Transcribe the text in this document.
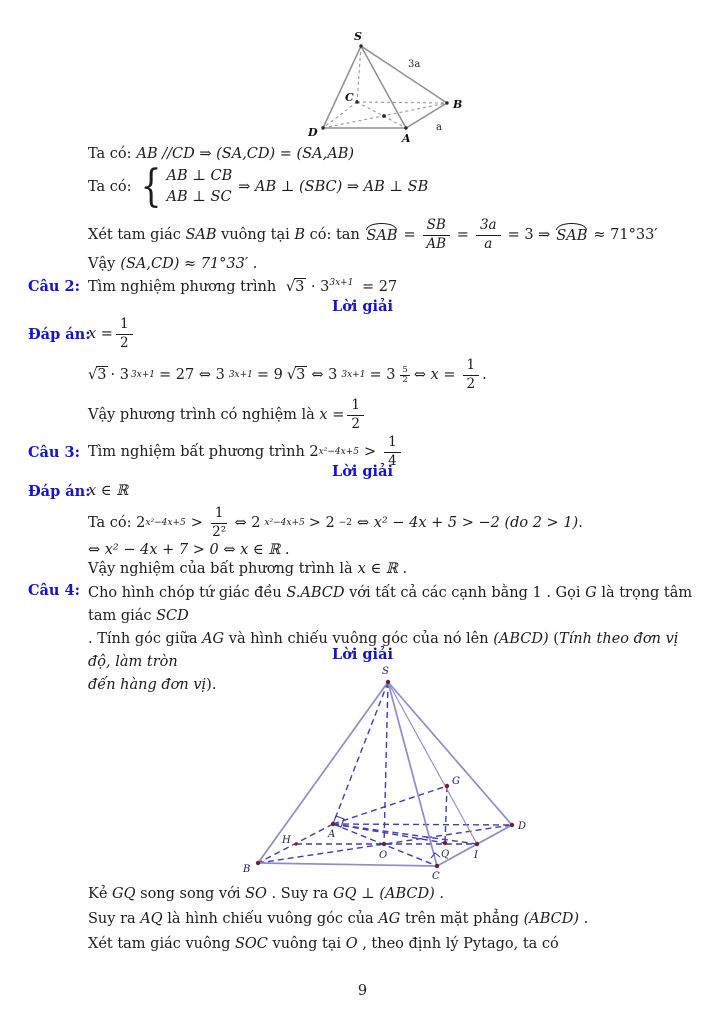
S
D	A
B
C
3a
a
Ta có: AB //CD ⇒ (SA,CD) = (SA,AB)
Ta có: { AB ⊥ CB
AB ⊥ SC
⇒ AB ⊥ (SBC) ⇒ AB ⊥ SB
Xét tam giác
SAB
vuông tại
B
có: tan
SAB = $\frac{SB}{AB} = \frac{3a}{a} = 3$ ⇒ SAB ≈ 71°33′
Vậy (SA,CD) ≈ 71°33′ .
Câu 2: Tìm nghiệm phương trình $√3 \cdot 3^{3x+1} = 27$
Lời giải
Đáp án:
$x = \frac{1}{2}$
√3 · 3 3x+1 = 27 ⇔ 3 3x+1 = 9 √3 ⇔ 3 $3x+1 = 3 \frac{5}{2}$ ⇔ $x = \frac{1}{2}$ .
Vậy phương trình có nghiệm là
$x = \frac{1}{2}$
Câu 3: Tìm nghiệm bất phương trình
2 $x^2-4x+5 > \frac{1}{4}$
Lời giải
Đáp án:
x ∈ ℝ
Ta có:
2 $x^2-4x+5 > \frac{1}{\text{2²}}$ ⇔ 2 x²−4x+5 > 2 −2 ⇔ x² − 4x + 5 > −2 (do 2 > 1).
⇔ x² − 4x + 7 > 0 ⇔ x ∈ ℝ .
Vậy nghiệm của bất phương trình là x ∈ ℝ .
Câu 4: Cho hình chóp tứ giác đều S.ABCD với tất cả các cạnh bằng 1 . Gọi G là trọng tâm tam giác SCD
. Tính góc giữa AG và hình chiếu vuông góc của nó lên (ABCD) (Tính theo đơn vị độ, làm tròn
đến hàng đơn vị).
Lời giải
S
B
C
D
A
H
O	Q I
G
Kẻ GQ song song với SO . Suy ra GQ ⊥ (ABCD) .
Suy ra AQ là hình chiếu vuông góc của AG trên mặt phẳng (ABCD) .
Xét tam giác vuông SOC vuông tại O , theo định lý Pytago, ta có
9
